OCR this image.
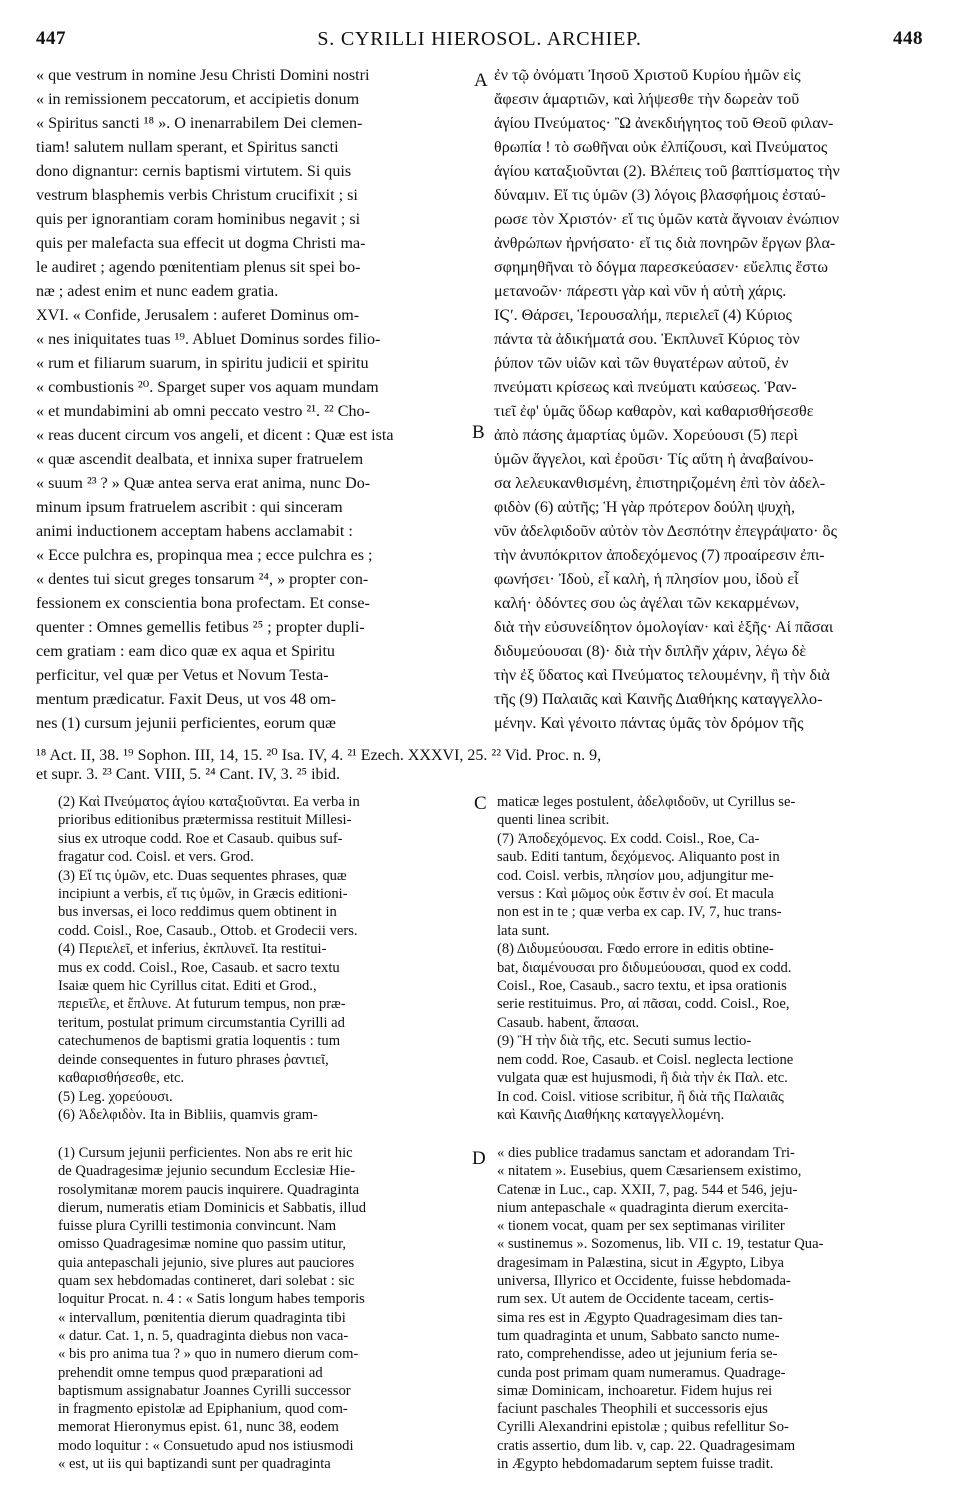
447	S. CYRILLI HIEROSOL. ARCHIEP.	448
A
B
C
D
« que vestrum in nomine Jesu Christi Domini nostri
« in remissionem peccatorum, et accipietis donum
« Spiritus sancti ¹⁸ ». O inenarrabilem Dei clemen-
tiam! salutem nullam sperant, et Spiritus sancti
dono dignantur: cernis baptismi virtutem. Si quis
vestrum blasphemis verbis Christum crucifixit ; si
quis per ignorantiam coram hominibus negavit ; si
quis per malefacta sua effecit ut dogma Christi ma-
le audiret ; agendo pœnitentiam plenus sit spei bo-
næ ; adest enim et nunc eadem gratia.
XVI. « Confide, Jerusalem : auferet Dominus om-
« nes iniquitates tuas ¹⁹. Abluet Dominus sordes filio-
« rum et filiarum suarum, in spiritu judicii et spiritu
« combustionis ²⁰. Sparget super vos aquam mundam
« et mundabimini ab omni peccato vestro ²¹. ²² Cho-
« reas ducent circum vos angeli, et dicent : Quæ est ista
« quæ ascendit dealbata, et innixa super fratruelem
« suum ²³ ? » Quæ antea serva erat anima, nunc Do-
minum ipsum fratruelem ascribit : qui sinceram
animi inductionem acceptam habens acclamabit :
« Ecce pulchra es, propinqua mea ; ecce pulchra es ;
« dentes tui sicut greges tonsarum ²⁴, » propter con-
fessionem ex conscientia bona profectam. Et conse-
quenter : Omnes gemellis fetibus ²⁵ ; propter dupli-
cem gratiam : eam dico quæ ex aqua et Spiritu
perficitur, vel quæ per Vetus et Novum Testa-
mentum prædicatur. Faxit Deus, ut vos 48 om-
nes (1) cursum jejunii perficientes, eorum quæ
ἐν τῷ ὀνόματι Ἰησοῦ Χριστοῦ Κυρίου ἡμῶν εἰς
ἄφεσιν ἁμαρτιῶν, καὶ λήψεσθε τὴν δωρεὰν τοῦ
ἁγίου Πνεύματος· Ὢ ἀνεκδιήγητος τοῦ Θεοῦ φιλαν-
θρωπία ! τὸ σωθῆναι οὐκ ἐλπίζουσι, καὶ Πνεύματος
ἁγίου καταξιοῦνται (2). Βλέπεις τοῦ βαπτίσματος τὴν
δύναμιν. Εἴ τις ὑμῶν (3) λόγοις βλασφήμοις ἐσταύ-
ρωσε τὸν Χριστόν· εἴ τις ὑμῶν κατὰ ἄγνοιαν ἐνώπιον
ἀνθρώπων ἠρνήσατο· εἴ τις διὰ πονηρῶν ἔργων βλα-
σφημηθῆναι τὸ δόγμα παρεσκεύασεν· εὔελπις ἔστω
μετανοῶν· πάρεστι γὰρ καὶ νῦν ἡ αὐτὴ χάρις.
ΙϚʹ. Θάρσει, Ἱερουσαλήμ, περιελεῖ (4) Κύριος
πάντα τὰ ἀδικήματά σου. Ἐκπλυνεῖ Κύριος τὸν
ῥύπον τῶν υἱῶν καὶ τῶν θυγατέρων αὐτοῦ, ἐν
πνεύματι κρίσεως καὶ πνεύματι καύσεως. Ῥαν-
τιεῖ ἐφ' ὑμᾶς ὕδωρ καθαρὸν, καὶ καθαρισθήσεσθε
ἀπὸ πάσης ἁμαρτίας ὑμῶν. Χορεύουσι (5) περὶ
ὑμῶν ἄγγελοι, καὶ ἐροῦσι· Τίς αὕτη ἡ ἀναβαίνου-
σα λελευκανθισμένη, ἐπιστηριζομένη ἐπὶ τὸν ἀδελ-
φιδὸν (6) αὐτῆς; Ἡ γὰρ πρότερον δούλη ψυχὴ,
νῦν ἀδελφιδοῦν αὐτὸν τὸν Δεσπότην ἐπεγράψατο· ὃς
τὴν ἀνυπόκριτον ἀποδεχόμενος (7) προαίρεσιν ἐπι-
φωνήσει· Ἰδοὺ, εἶ καλὴ, ἡ πλησίον μου, ἰδοὺ εἶ
καλή· ὀδόντες σου ὡς ἀγέλαι τῶν κεκαρμένων,
διὰ τὴν εὐσυνείδητον ὁμολογίαν· καὶ ἑξῆς· Αἱ πᾶσαι
διδυμεύουσαι (8)· διὰ τὴν διπλῆν χάριν, λέγω δὲ
τὴν ἐξ ὕδατος καὶ Πνεύματος τελουμένην, ἢ τὴν διὰ
τῆς (9) Παλαιᾶς καὶ Καινῆς Διαθήκης καταγγελλο-
μένην. Καὶ γένοιτο πάντας ὑμᾶς τὸν δρόμον τῆς
¹⁸ Act. II, 38. ¹⁹ Sophon. III, 14, 15. ²⁰ Isa. IV, 4. ²¹ Ezech. XXXVI, 25. ²² Vid. Proc. n. 9,
et supr. 3. ²³ Cant. VIII, 5. ²⁴ Cant. IV, 3. ²⁵ ibid.
(2) Καὶ Πνεύματος ἁγίου καταξιοῦνται. Ea verba in
prioribus editionibus prætermissa restituit Millesi-
sius ex utroque codd. Roe et Casaub. quibus suf-
fragatur cod. Coisl. et vers. Grod.
(3) Εἴ τις ὑμῶν, etc. Duas sequentes phrases, quæ
incipiunt a verbis, εἴ τις ὑμῶν, in Græcis editioni-
bus inversas, ei loco reddimus quem obtinent in
codd. Coisl., Roe, Casaub., Ottob. et Grodecii vers.
(4) Περιελεῖ, et inferius, ἐκπλυνεῖ. Ita restitui-
mus ex codd. Coisl., Roe, Casaub. et sacro textu
Isaiæ quem hic Cyrillus citat. Editi et Grod.,
περιεῖλε, et ἔπλυνε. At futurum tempus, non præ-
teritum, postulat primum circumstantia Cyrilli ad
catechumenos de baptismi gratia loquentis : tum
deinde consequentes in futuro phrases ῥαντιεῖ,
καθαρισθήσεσθε, etc.
(5) Leg. χορεύουσι.
(6) Ἀδελφιδὸν. Ita in Bibliis, quamvis gram-
maticæ leges postulent, ἀδελφιδοῦν, ut Cyrillus se-
quenti linea scribit.
(7) Ἀποδεχόμενος. Ex codd. Coisl., Roe, Ca-
saub. Editi tantum, δεχόμενος. Aliquanto post in
cod. Coisl. verbis, πλησίον μου, adjungitur me-
versus : Καὶ μῶμος οὐκ ἔστιν ἐν σοί. Et macula
non est in te ; quæ verba ex cap. IV, 7, huc trans-
lata sunt.
(8) Διδυμεύουσαι. Fœdo errore in editis obtine-
bat, διαμένουσαι pro διδυμεύουσαι, quod ex codd.
Coisl., Roe, Casaub., sacro textu, et ipsa orationis
serie restituimus. Pro, αἱ πᾶσαι, codd. Coisl., Roe,
Casaub. habent, ἅπασαι.
(9) Ἢ τὴν διὰ τῆς, etc. Secuti sumus lectio-
nem codd. Roe, Casaub. et Coisl. neglecta lectione
vulgata quæ est hujusmodi, ἢ διὰ τὴν ἐκ Παλ. etc.
In cod. Coisl. vitiose scribitur, ἢ διὰ τῆς Παλαιᾶς
καὶ Καινῆς Διαθήκης καταγγελλομένη.
(1) Cursum jejunii perficientes. Non abs re erit hic
de Quadragesimæ jejunio secundum Ecclesiæ Hie-
rosolymitanæ morem paucis inquirere. Quadraginta
dierum, numeratis etiam Dominicis et Sabbatis, illud
fuisse plura Cyrilli testimonia convincunt. Nam
omisso Quadragesimæ nomine quo passim utitur,
quia antepaschali jejunio, sive plures aut pauciores
quam sex hebdomadas contineret, dari solebat : sic
loquitur Procat. n. 4 : « Satis longum habes temporis
« intervallum, pœnitentia dierum quadraginta tibi
« datur. Cat. 1, n. 5, quadraginta diebus non vaca-
« bis pro anima tua ? » quo in numero dierum com-
prehendit omne tempus quod præparationi ad
baptismum assignabatur Joannes Cyrilli successor
in fragmento epistolæ ad Epiphanium, quod com-
memorat Hieronymus epist. 61, nunc 38, eodem
modo loquitur : « Consuetudo apud nos istiusmodi
« est, ut iis qui baptizandi sunt per quadraginta
« dies publice tradamus sanctam et adorandam Tri-
« nitatem ». Eusebius, quem Cæsariensem existimo,
Catenæ in Luc., cap. XXII, 7, pag. 544 et 546, jeju-
nium antepaschale « quadraginta dierum exercita-
« tionem vocat, quam per sex septimanas viriliter
« sustinemus ». Sozomenus, lib. VII c. 19, testatur Qua-
dragesimam in Palæstina, sicut in Ægypto, Libya
universa, Illyrico et Occidente, fuisse hebdomada-
rum sex. Ut autem de Occidente taceam, certis-
sima res est in Ægypto Quadragesimam dies tan-
tum quadraginta et unum, Sabbato sancto nume-
rato, comprehendisse, adeo ut jejunium feria se-
cunda post primam quam numeramus. Quadrage-
simæ Dominicam, inchoaretur. Fidem hujus rei
faciunt paschales Theophili et successoris ejus
Cyrilli Alexandrini epistolæ ; quibus refellitur So-
cratis assertio, dum lib. v, cap. 22. Quadragesimam
in Ægypto hebdomadarum septem fuisse tradit.
